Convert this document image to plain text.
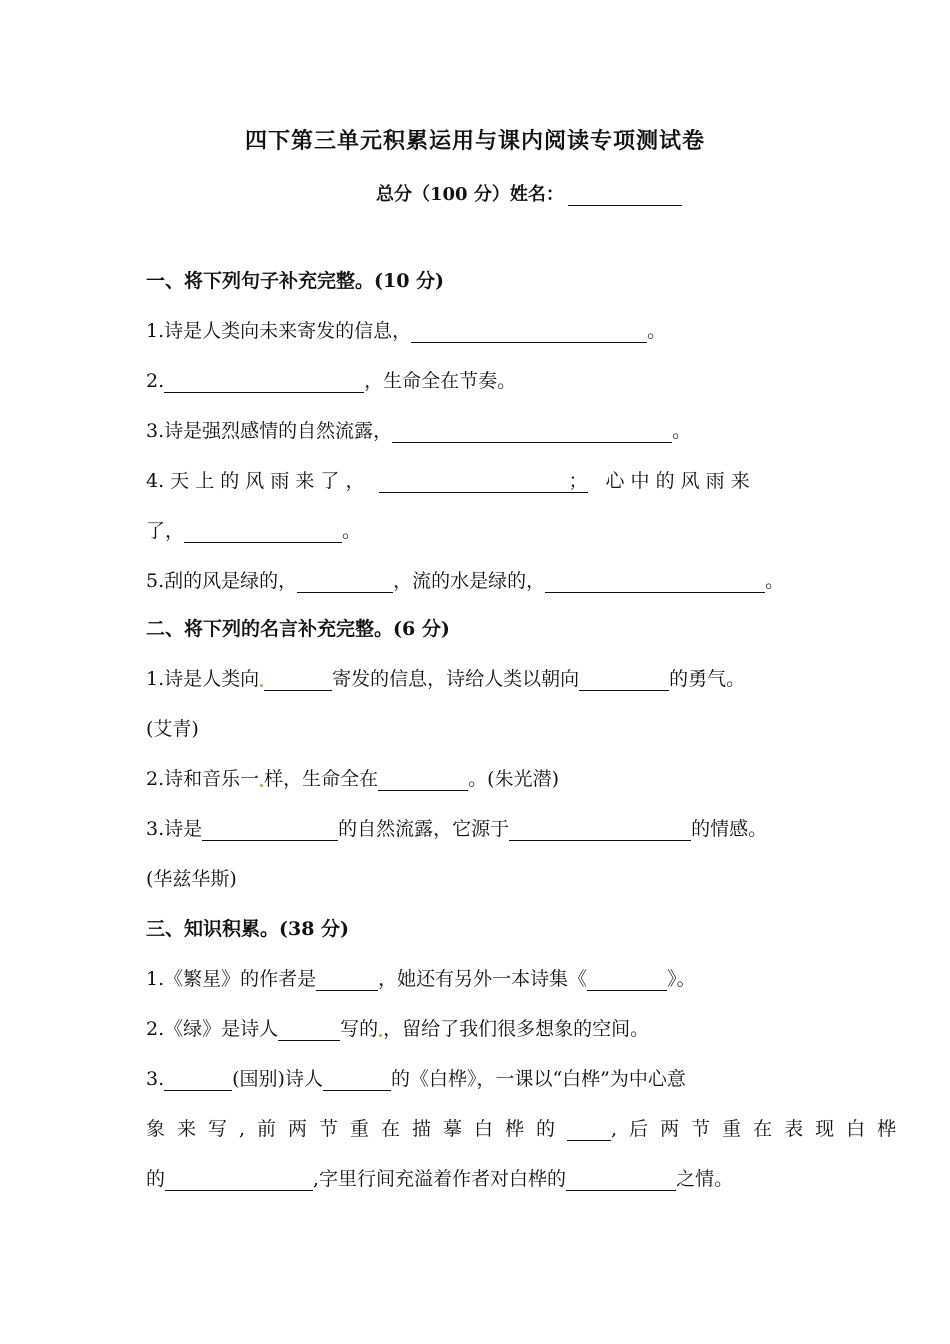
四下第三单元积累运用与课内阅读专项测试卷
总分（100 分）姓名：
一、将下列句子补充完整。(10 分)
1.诗是人类向未来寄发的信息，	。
2.	，生命全在节奏。
3.诗是强烈感情的自然流露，	。
4. 天 上 的 风 雨 来 了 ，	； 心 中 的 风 雨 来
了，	。
5.刮的风是绿的，	，流的水是绿的，	。
二、将下列的名言补充完整。(6 分)
1.诗是人类向	寄发的信息，诗给人类以朝向	的勇气。
(艾青)
2.诗和音乐一 样，生命全在	。(朱光潜)
3.诗是	的自然流露，它源于	的情感。
(华兹华斯)
三、知识积累。(38 分)
1.《繁星》的作者是	，她还有另外一本诗集《	》。
2.《绿》是诗人	写的 ，留给了我们很多想象的空间。
3.	(国别)诗人	的《白桦》，一课以“白桦”为中心意
象来写,前两节重在描摹白桦的 ,后两节重在表现白桦
的	,字里行间充溢着作者对白桦的	之情。
